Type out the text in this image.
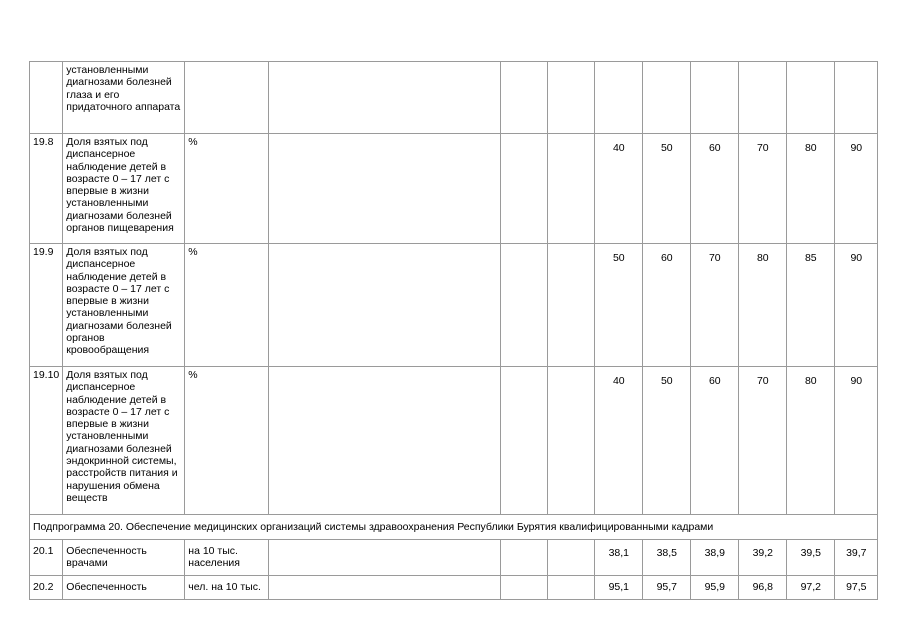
	установленными диагнозами болезней глаза и его придаточного аппарата										
19.8	Доля взятых под диспансерное наблюдение детей в возрасте 0 – 17 лет с впервые в жизни установленными диагнозами болезней органов пищеварения	%				40	50	60	70	80	90
19.9	Доля взятых под диспансерное наблюдение детей в возрасте 0 – 17 лет с впервые в жизни установленными диагнозами болезней органов кровообращения	%				50	60	70	80	85	90
19.10	Доля взятых под диспансерное наблюдение детей в возрасте 0 – 17 лет с впервые в жизни установленными диагнозами болезней эндокринной системы, расстройств питания и нарушения обмена веществ	%				40	50	60	70	80	90
Подпрограмма 20. Обеспечение медицинских организаций системы здравоохранения Республики Бурятия квалифицированными кадрами											
20.1	Обеспеченность врачами	на 10 тыс. населения				38,1	38,5	38,9	39,2	39,5	39,7
20.2	Обеспеченность	чел. на 10 тыс.				95,1	95,7	95,9	96,8	97,2	97,5
